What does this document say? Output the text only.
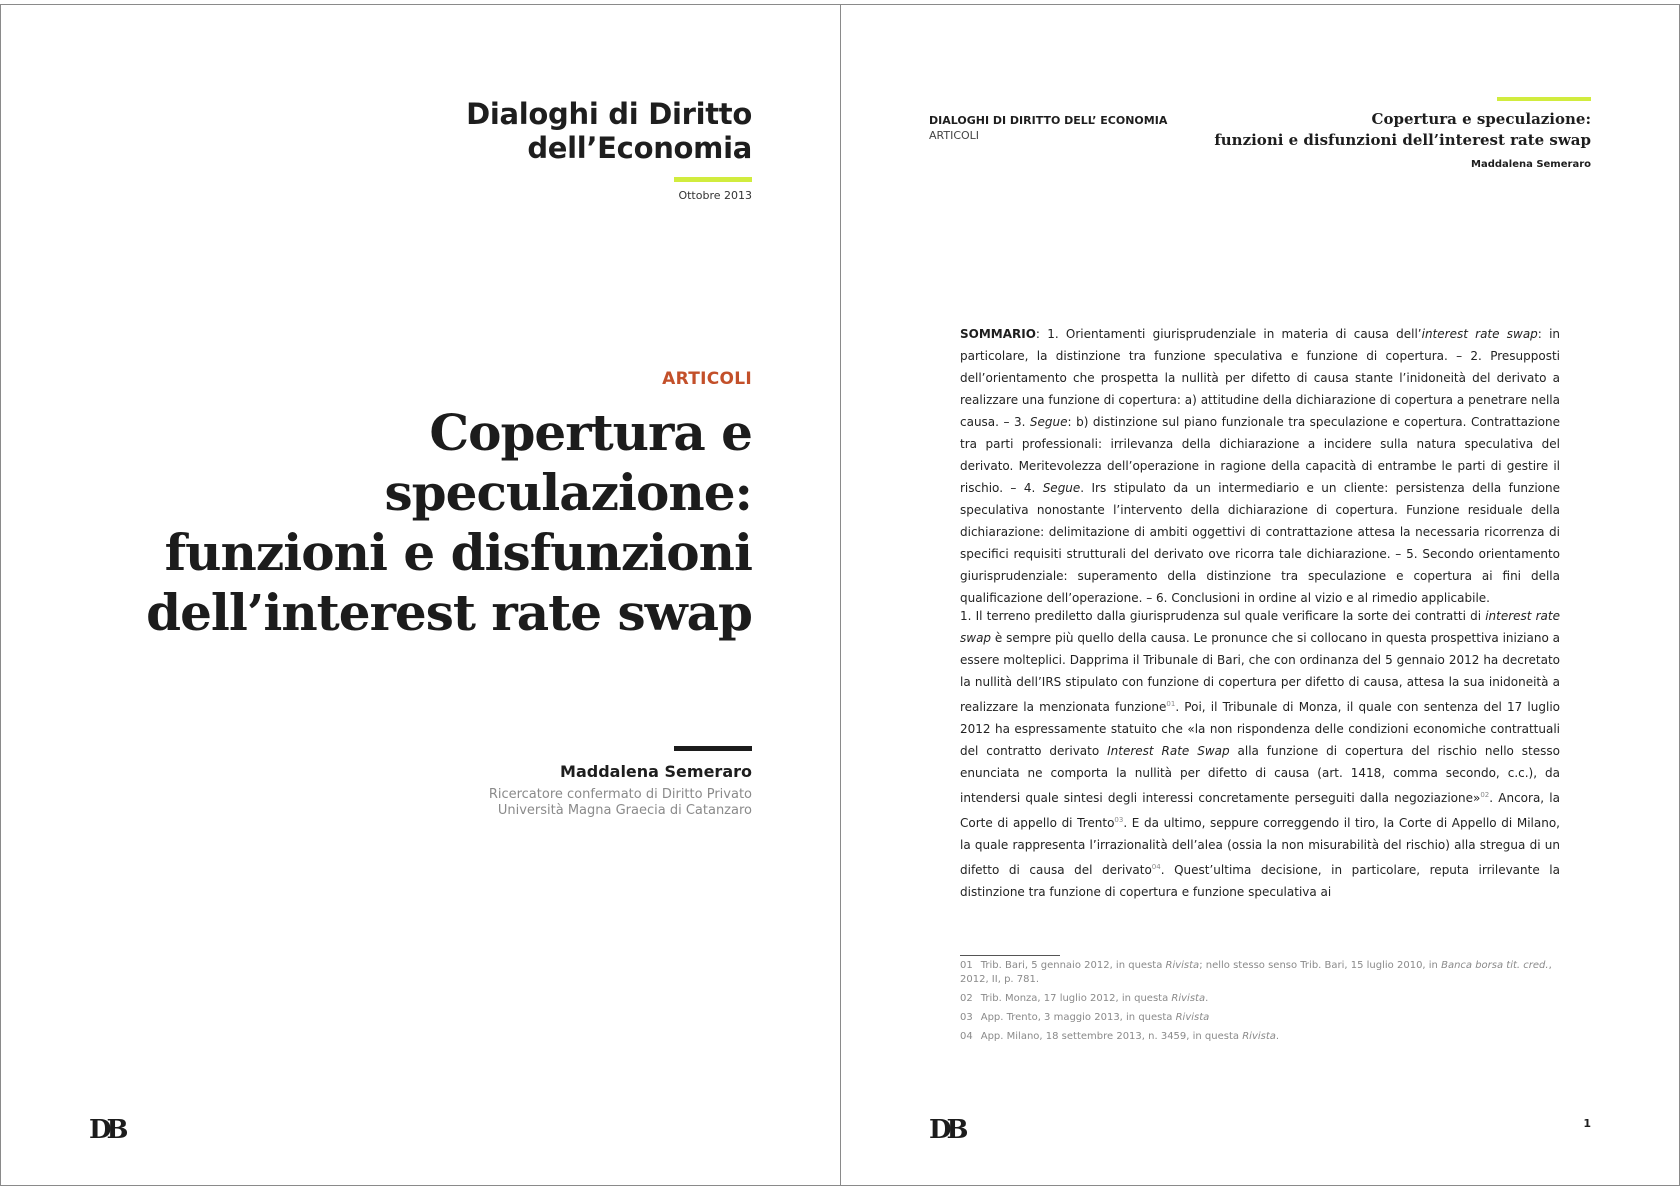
Dialoghi di Diritto
dell’Economia
Ottobre 2013
ARTICOLI
Copertura e
speculazione:
funzioni e disfunzioni
dell’interest rate swap
Maddalena Semeraro
Ricercatore confermato di Diritto Privato
Università Magna Graecia di Catanzaro
DB
DIALOGHI DI DIRITTO DELL’ ECONOMIA
ARTICOLI
Copertura e speculazione:
funzioni e disfunzioni dell’interest rate swap
Maddalena Semeraro

SOMMARIO: 1. Orientamenti giurisprudenziale in materia di causa dell’interest rate swap: in particolare, la distinzione tra funzione speculativa e funzione di copertura. – 2. Presupposti dell’orientamento che prospetta la nullità per difetto di causa stante l’inidoneità del derivato a realizzare una funzione di copertura: a) attitudine della dichiarazione di copertura a penetrare nella causa. – 3. Segue: b) distinzione sul piano funzionale tra speculazione e copertura. Contrattazione tra parti professionali: irrilevanza della dichiarazione a incidere sulla natura speculativa del derivato. Meritevolezza dell’operazione in ragione della capacità di entrambe le parti di gestire il rischio. – 4. Segue. Irs stipulato da un intermediario e un cliente: persistenza della funzione speculativa nonostante l’intervento della dichiarazione di copertura. Funzione residuale della dichiarazione: delimitazione di ambiti oggettivi di contrattazione attesa la necessaria ricorrenza di specifici requisiti strutturali del derivato ove ricorra tale dichiarazione. – 5. Secondo orientamento giurisprudenziale: superamento della distinzione tra speculazione e copertura ai fini della qualificazione dell’operazione. – 6. Conclusioni in ordine al vizio e al rimedio applicabile.

1. Il terreno prediletto dalla giurisprudenza sul quale verificare la sorte dei contratti di interest rate swap è sempre più quello della causa. Le pronunce che si collocano in questa prospettiva iniziano a essere molteplici. Dapprima il Tribunale di Bari, che con ordinanza del 5 gennaio 2012 ha decretato la nullità dell’IRS stipulato con funzione di copertura per difetto di causa, attesa la sua inidoneità a realizzare la menzionata funzione$^{01}$. Poi, il Tribunale di Monza, il quale con sentenza del 17 luglio 2012 ha espressamente statuito che «la non rispondenza delle condizioni economiche contrattuali del contratto derivato Interest Rate Swap alla funzione di copertura del rischio nello stesso enunciata ne comporta la nullità per difetto di causa (art. 1418, comma secondo, c.c.), da intendersi quale sintesi degli interessi concretamente perseguiti dalla negoziazione»$^{02}$. Ancora, la Corte di appello di Trento$^{03}$. E da ultimo, seppure correggendo il tiro, la Corte di Appello di Milano, la quale rappresenta l’irrazionalità dell’alea (ossia la non misurabilità del rischio) alla stregua di un difetto di causa del derivato$^{04}$. Quest’ultima decisione, in particolare, reputa irrilevante la distinzione tra funzione di copertura e funzione speculativa ai

01 Trib. Bari, 5 gennaio 2012, in questa Rivista; nello stesso senso Trib. Bari, 15 luglio 2010, in Banca borsa tit. cred., 2012, II, p. 781.
02 Trib. Monza, 17 luglio 2012, in questa Rivista.
03 App. Trento, 3 maggio 2013, in questa Rivista
04 App. Milano, 18 settembre 2013, n. 3459, in questa Rivista.
DB	1
